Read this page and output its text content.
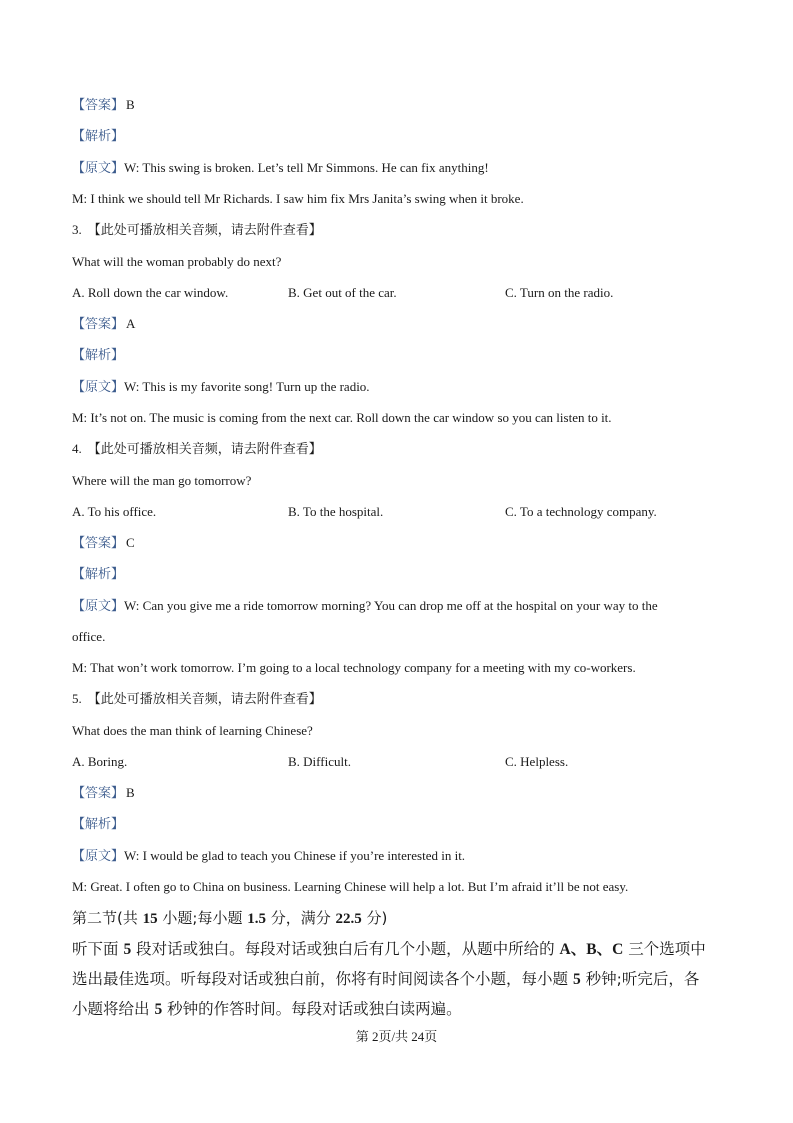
【答案】 B
【解析】
【原文】W: This swing is broken. Let’s tell Mr Simmons. He can fix anything!
M: I think we should tell Mr Richards. I saw him fix Mrs Janita’s swing when it broke.
3. 【此处可播放相关音频，请去附件查看】
What will the woman probably do next?
A. Roll down the car window.	B. Get out of the car.	C. Turn on the radio.
【答案】 A
【解析】
【原文】W: This is my favorite song! Turn up the radio.
M: It’s not on. The music is coming from the next car. Roll down the car window so you can listen to it.
4. 【此处可播放相关音频，请去附件查看】
Where will the man go tomorrow?
A. To his office.	B. To the hospital.	C. To a technology company.
【答案】 C
【解析】
【原文】W: Can you give me a ride tomorrow morning? You can drop me off at the hospital on your way to the
office.
M: That won’t work tomorrow. I’m going to a local technology company for a meeting with my co-workers.
5. 【此处可播放相关音频，请去附件查看】
What does the man think of learning Chinese?
A. Boring.	B. Difficult.	C. Helpless.
【答案】 B
【解析】
【原文】W: I would be glad to teach you Chinese if you’re interested in it.
M: Great. I often go to China on business. Learning Chinese will help a lot. But I’m afraid it’ll be not easy.
第二节(共 15 小题;每小题 1.5 分，满分 22.5 分)
听下面 5 段对话或独白。每段对话或独白后有几个小题，从题中所给的 A、B、C 三个选项中
选出最佳选项。听每段对话或独白前，你将有时间阅读各个小题，每小题 5 秒钟;听完后，各
小题将给出 5 秒钟的作答时间。每段对话或独白读两遍。
第 2页/共 24页
